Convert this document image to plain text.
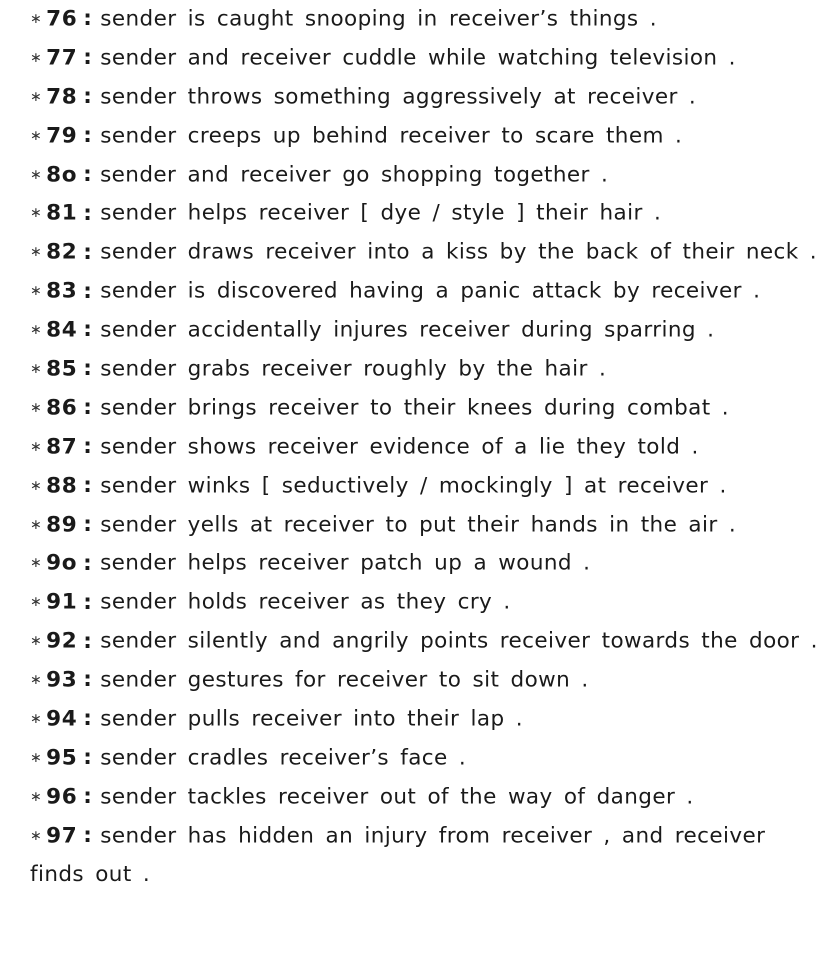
∗ 76 : sender is caught snooping in receiver’s things .
∗ 77 : sender and receiver cuddle while watching television .
∗ 78 : sender throws something aggressively at receiver .
∗ 79 : sender creeps up behind receiver to scare them .
∗ 8o : sender and receiver go shopping together .
∗ 81 : sender helps receiver [ dye / style ] their hair .
∗ 82 : sender draws receiver into a kiss by the back of their neck .
∗ 83 : sender is discovered having a panic attack by receiver .
∗ 84 : sender accidentally injures receiver during sparring .
∗ 85 : sender grabs receiver roughly by the hair .
∗ 86 : sender brings receiver to their knees during combat .
∗ 87 : sender shows receiver evidence of a lie they told .
∗ 88 : sender winks [ seductively / mockingly ] at receiver .
∗ 89 : sender yells at receiver to put their hands in the air .
∗ 9o : sender helps receiver patch up a wound .
∗ 91 : sender holds receiver as they cry .
∗ 92 : sender silently and angrily points receiver towards the door .
∗ 93 : sender gestures for receiver to sit down .
∗ 94 : sender pulls receiver into their lap .
∗ 95 : sender cradles receiver’s face .
∗ 96 : sender tackles receiver out of the way of danger .
∗ 97 : sender has hidden an injury from receiver , and receiver finds out .
